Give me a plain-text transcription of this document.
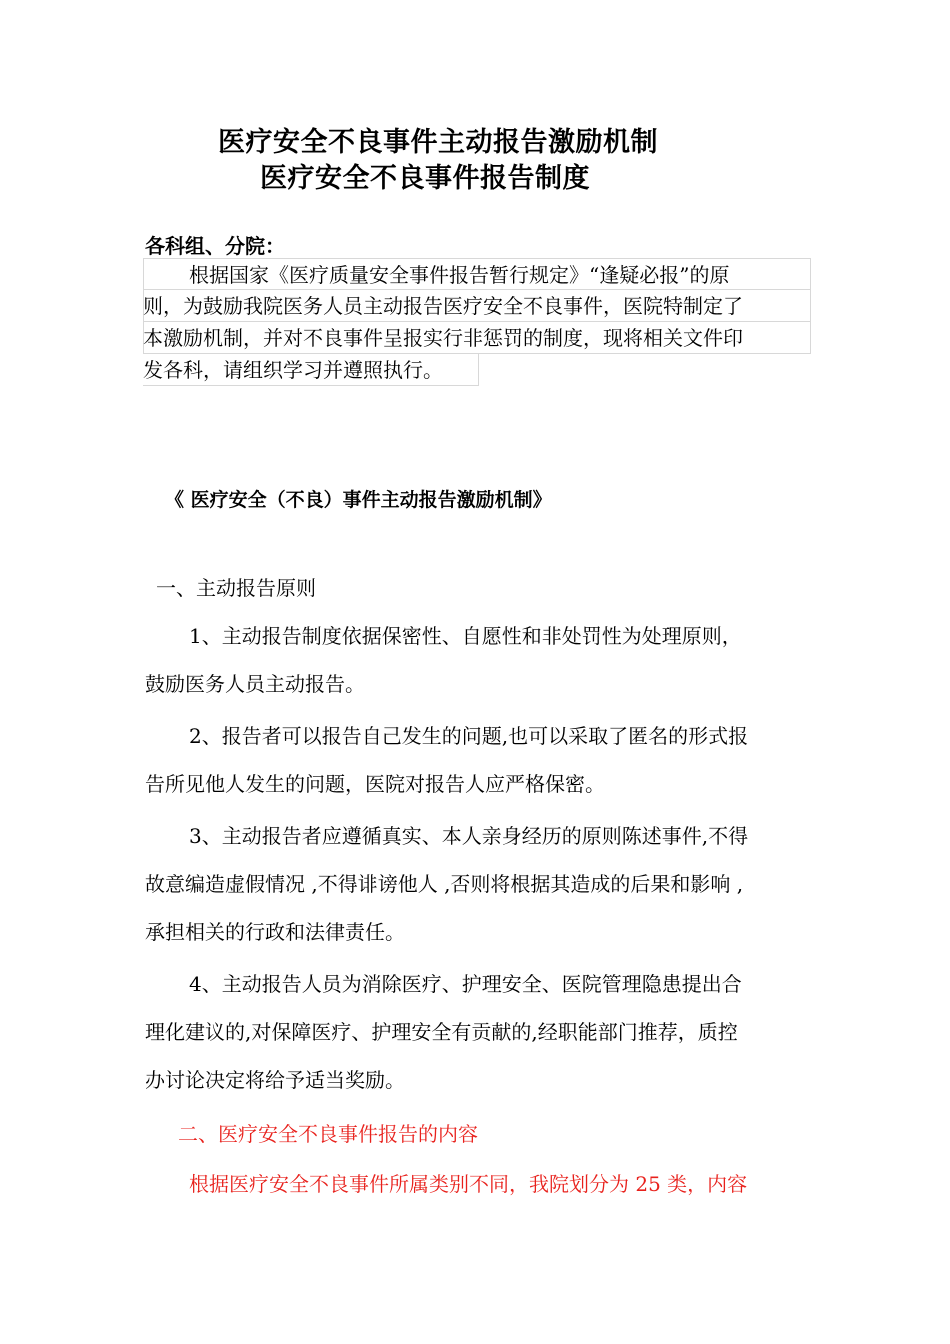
医疗安全不良事件主动报告激励机制
医疗安全不良事件报告制度
各科组、分院：
根据国家《医疗质量安全事件报告暂行规定》“逢疑必报”的原
则，为鼓励我院医务人员主动报告医疗安全不良事件，医院特制定了
本激励机制，并对不良事件呈报实行非惩罚的制度，现将相关文件印
发各科，请组织学习并遵照执行。
《 医疗安全（不良）事件主动报告激励机制》
一、主动报告原则
1、主动报告制度依据保密性、自愿性和非处罚性为处理原则，
鼓励医务人员主动报告。
2、报告者可以报告自己发生的问题,也可以采取了匿名的形式报
告所见他人发生的问题，医院对报告人应严格保密。
3、主动报告者应遵循真实、本人亲身经历的原则陈述事件,不得
故意编造虚假情况 ,不得诽谤他人 ,否则将根据其造成的后果和影响 ,
承担相关的行政和法律责任。
4、主动报告人员为消除医疗、护理安全、医院管理隐患提出合
理化建议的,对保障医疗、护理安全有贡献的,经职能部门推荐，质控
办讨论决定将给予适当奖励。
二、医疗安全不良事件报告的内容
根据医疗安全不良事件所属类别不同，我院划分为 25 类，内容
